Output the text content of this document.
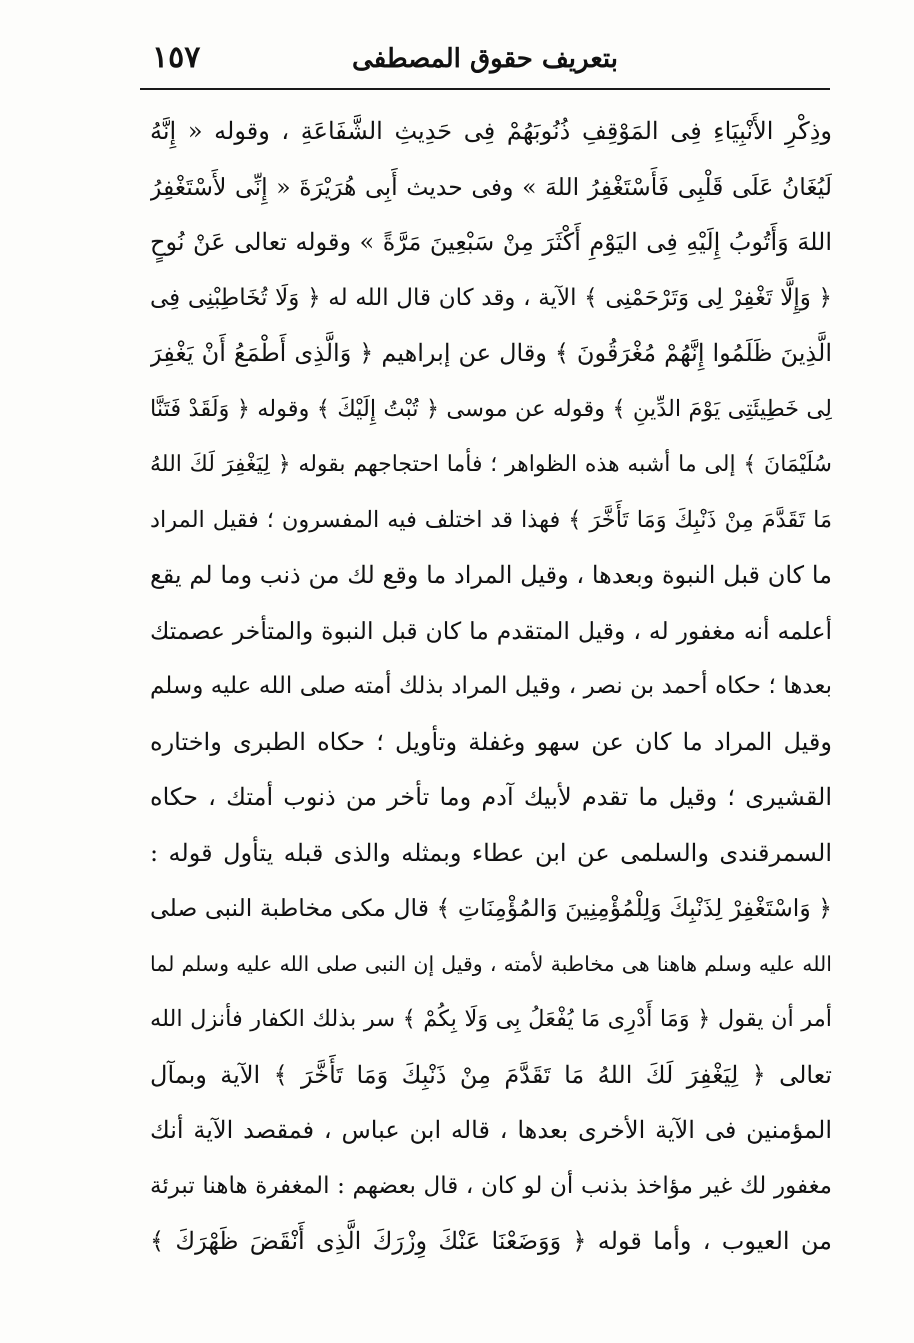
بتعريف حقوق المصطفى
١٥٧
وذِكْرِ الأَنْبِيَاءِ فِى المَوْقِفِ ذُنُوبَهُمْ فِى حَدِيثِ الشَّفَاعَةِ ، وقوله « إِنَّهُ
لَيُغَانُ عَلَى قَلْبِى فَأَسْتَغْفِرُ اللهَ » وفى حديث أَبِى هُرَيْرَةَ « إِنِّى لأَسْتَغْفِرُ
اللهَ وَأَتُوبُ إِلَيْهِ فِى اليَوْمِ أَكْثَرَ مِنْ سَبْعِينَ مَرَّةً » وقوله تعالى عَنْ نُوحٍ
﴿ وَإِلَّا تَغْفِرْ لِى وَتَرْحَمْنِى ﴾ الآية ، وقد كان قال الله له ﴿ وَلَا تُخَاطِبْنِى فِى
الَّذِينَ ظَلَمُوا إِنَّهُمْ مُغْرَقُونَ ﴾ وقال عن إبراهيم ﴿ وَالَّذِى أَطْمَعُ أَنْ يَغْفِرَ
لِى خَطِيئَتِى يَوْمَ الدِّينِ ﴾ وقوله عن موسى ﴿ تُبْتُ إِلَيْكَ ﴾ وقوله ﴿ وَلَقَدْ فَتَنَّا
سُلَيْمَانَ ﴾ إلى ما أشبه هذه الظواهر ؛ فأما احتجاجهم بقوله ﴿ لِيَغْفِرَ لَكَ اللهُ
مَا تَقَدَّمَ مِنْ ذَنْبِكَ وَمَا تَأَخَّرَ ﴾ فهذا قد اختلف فيه المفسرون ؛ فقيل المراد
ما كان قبل النبوة وبعدها ، وقيل المراد ما وقع لك من ذنب وما لم يقع
أعلمه أنه مغفور له ، وقيل المتقدم ما كان قبل النبوة والمتأخر عصمتك
بعدها ؛ حكاه أحمد بن نصر ، وقيل المراد بذلك أمته صلى الله عليه وسلم
وقيل المراد ما كان عن سهو وغفلة وتأويل ؛ حكاه الطبرى واختاره
القشيرى ؛ وقيل ما تقدم لأبيك آدم وما تأخر من ذنوب أمتك ، حكاه
السمرقندى والسلمى عن ابن عطاء وبمثله والذى قبله يتأول قوله :
﴿ وَاسْتَغْفِرْ لِذَنْبِكَ وَلِلْمُؤْمِنِينَ وَالمُؤْمِنَاتِ ﴾ قال مكى مخاطبة النبى صلى
الله عليه وسلم هاهنا هى مخاطبة لأمته ، وقيل إن النبى صلى الله عليه وسلم لما
أمر أن يقول ﴿ وَمَا أَدْرِى مَا يُفْعَلُ بِى وَلَا بِكُمْ ﴾ سر بذلك الكفار فأنزل الله
تعالى ﴿ لِيَغْفِرَ لَكَ اللهُ مَا تَقَدَّمَ مِنْ ذَنْبِكَ وَمَا تَأَخَّرَ ﴾ الآية وبمآل
المؤمنين فى الآية الأخرى بعدها ، قاله ابن عباس ، فمقصد الآية أنك
مغفور لك غير مؤاخذ بذنب أن لو كان ، قال بعضهم : المغفرة هاهنا تبرئة
من العيوب ، وأما قوله ﴿ وَوَضَعْنَا عَنْكَ وِزْرَكَ الَّذِى أَنْقَضَ ظَهْرَكَ ﴾
